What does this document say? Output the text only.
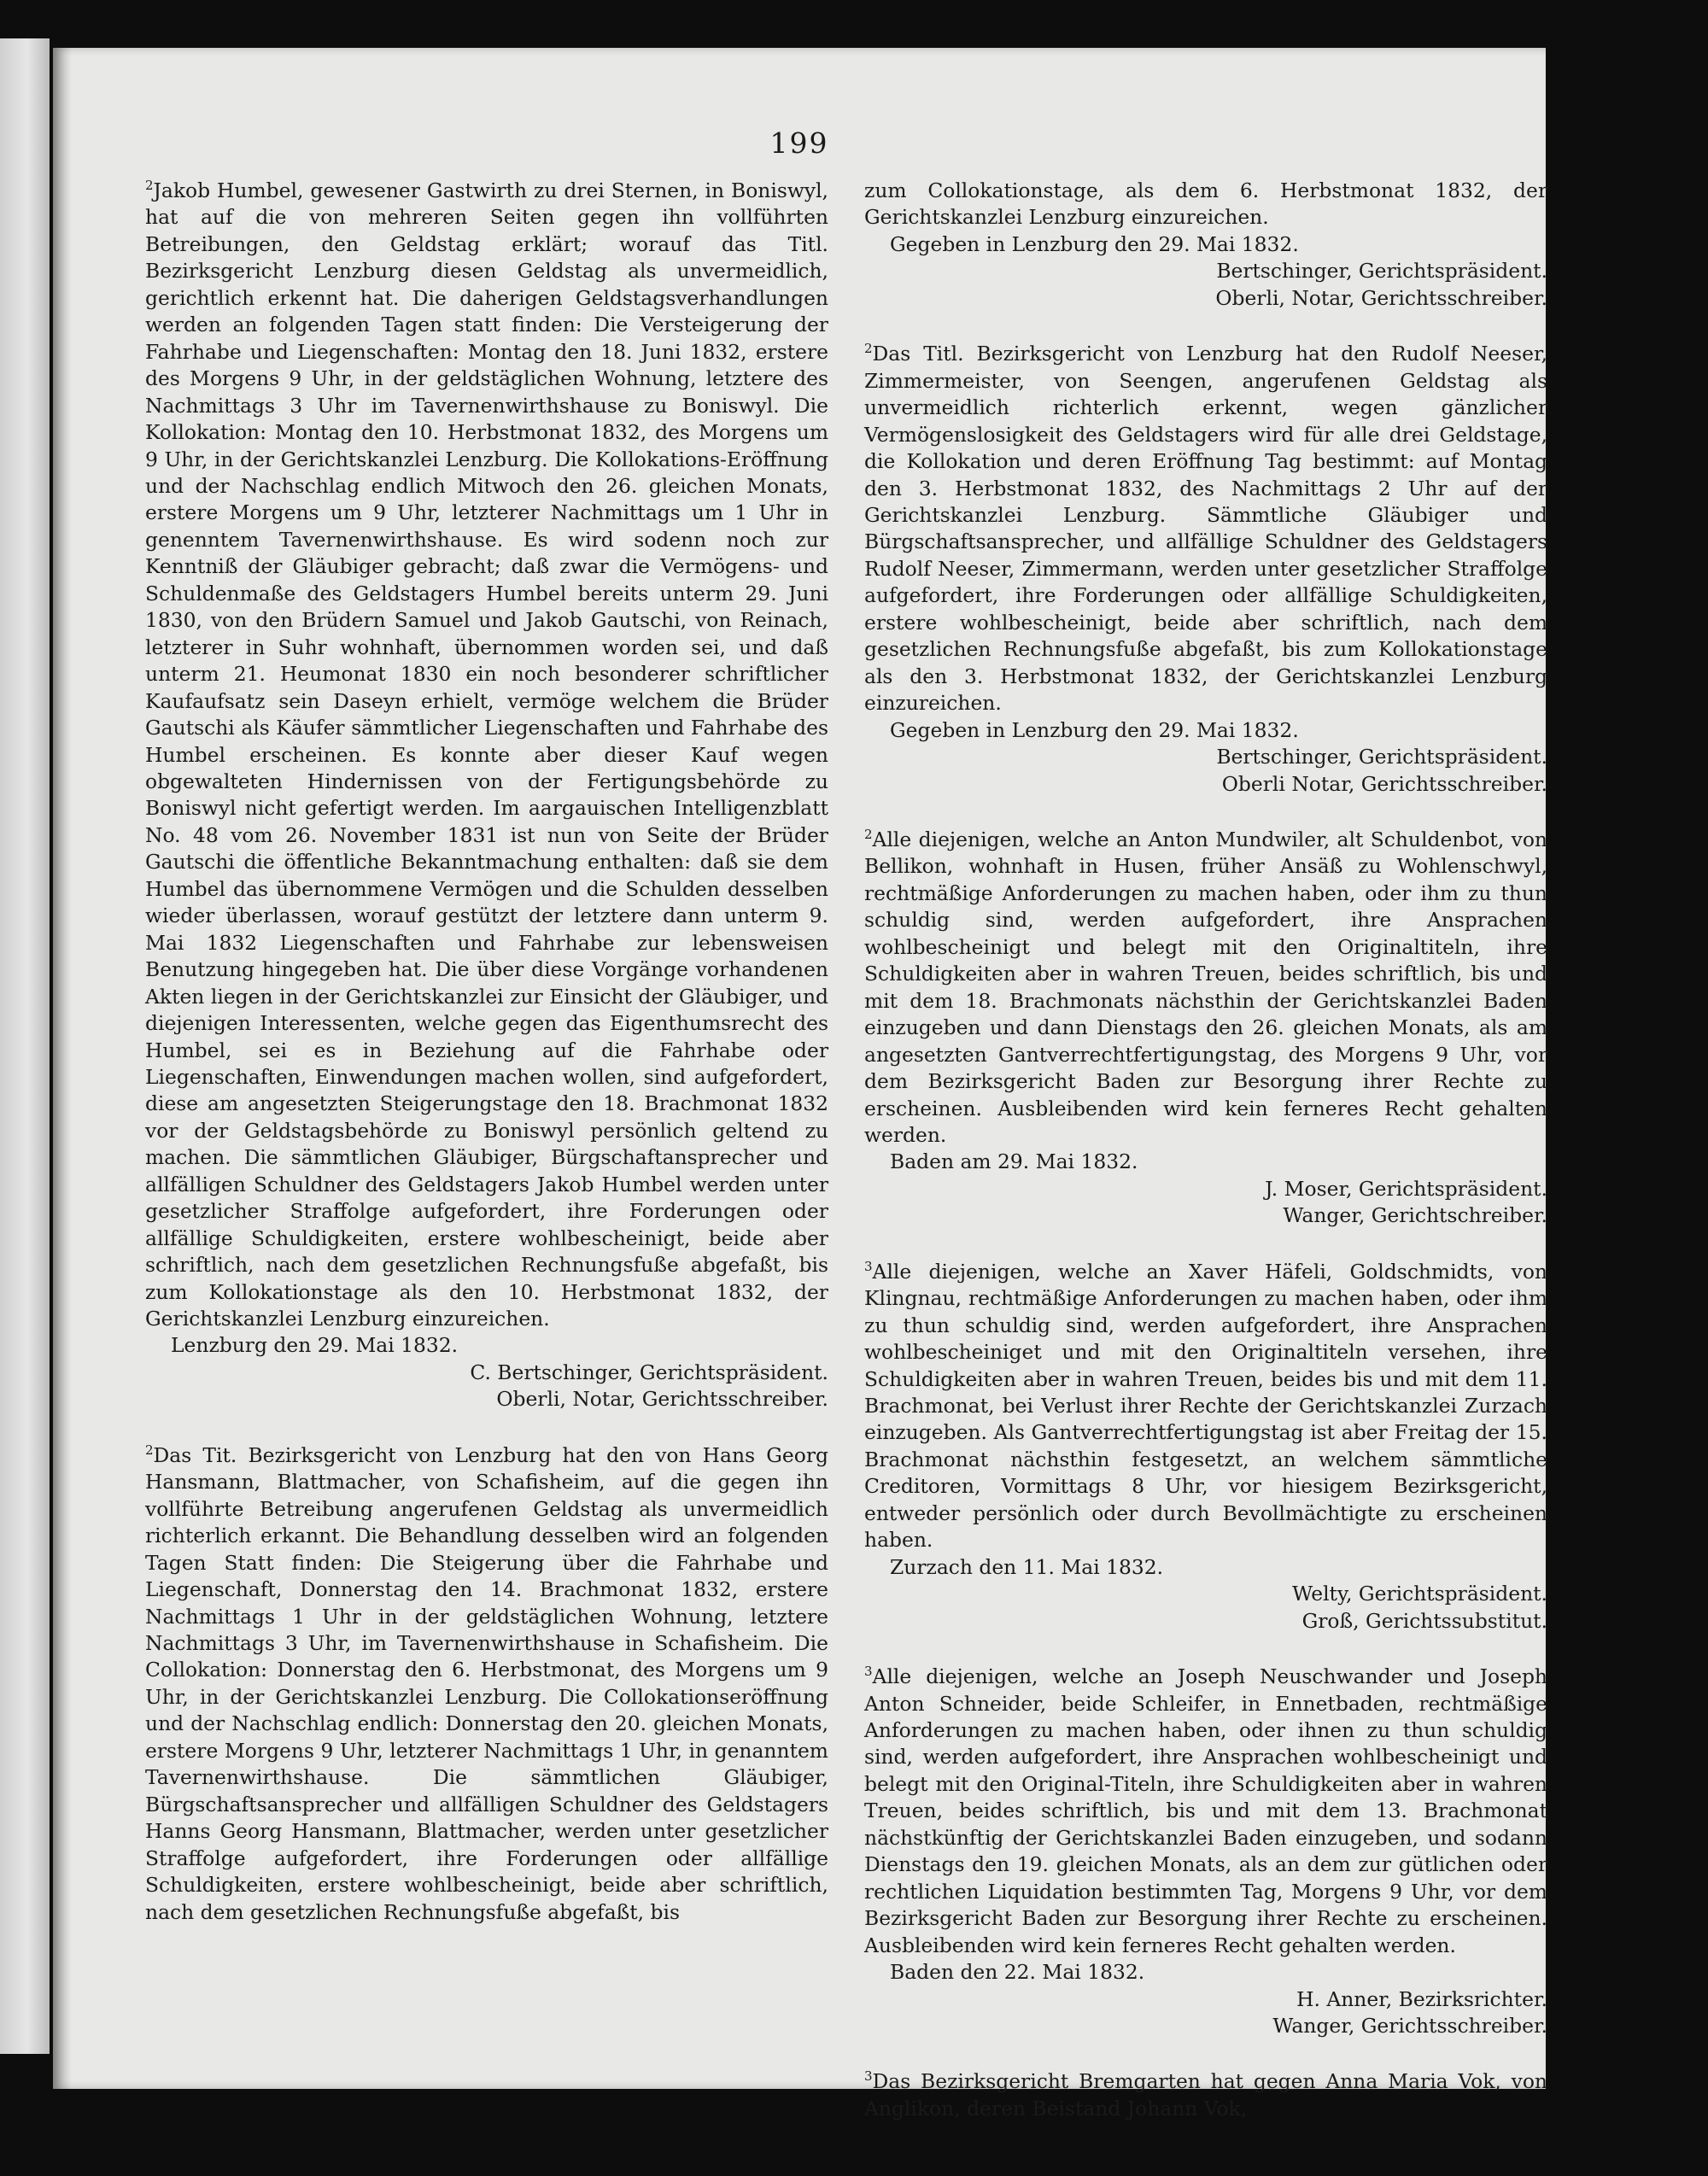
199

$^2$Jakob Humbel, gewesener Gastwirth zu drei Sternen, in Boniswyl, hat auf die von mehreren Seiten gegen ihn vollführten Betreibungen, den Geldstag erklärt; worauf das Titl. Bezirksgericht Lenzburg diesen Geldstag als unvermeidlich, gerichtlich erkennt hat. Die daherigen Geldstagsverhandlungen werden an folgenden Tagen statt finden: Die Versteigerung der Fahrhabe und Liegenschaften: Montag den 18. Juni 1832, erstere des Morgens 9 Uhr, in der geldstäglichen Wohnung, letztere des Nachmittags 3 Uhr im Tavernenwirthshause zu Boniswyl. Die Kollokation: Montag den 10. Herbstmonat 1832, des Morgens um 9 Uhr, in der Gerichtskanzlei Lenzburg. Die Kollokations-Eröffnung und der Nachschlag endlich Mitwoch den 26. gleichen Monats, erstere Morgens um 9 Uhr, letzterer Nachmittags um 1 Uhr in genenntem Tavernenwirthshause. Es wird sodenn noch zur Kenntniß der Gläubiger gebracht; daß zwar die Vermögens- und Schuldenmaße des Geldstagers Humbel bereits unterm 29. Juni 1830, von den Brüdern Samuel und Jakob Gautschi, von Reinach, letzterer in Suhr wohnhaft, übernommen worden sei, und daß unterm 21. Heumonat 1830 ein noch besonderer schriftlicher Kaufaufsatz sein Daseyn erhielt, vermöge welchem die Brüder Gautschi als Käufer sämmtlicher Liegenschaften und Fahrhabe des Humbel erscheinen. Es konnte aber dieser Kauf wegen obgewalteten Hindernissen von der Fertigungsbehörde zu Boniswyl nicht gefertigt werden. Im aargauischen Intelligenzblatt No. 48 vom 26. November 1831 ist nun von Seite der Brüder Gautschi die öffentliche Bekanntmachung enthalten: daß sie dem Humbel das übernommene Vermögen und die Schulden desselben wieder überlassen, worauf gestützt der letztere dann unterm 9. Mai 1832 Liegenschaften und Fahrhabe zur lebensweisen Benutzung hingegeben hat. Die über diese Vorgänge vorhandenen Akten liegen in der Gerichtskanzlei zur Einsicht der Gläubiger, und diejenigen Interessenten, welche gegen das Eigenthumsrecht des Humbel, sei es in Beziehung auf die Fahrhabe oder Liegenschaften, Einwendungen machen wollen, sind aufgefordert, diese am angesetzten Steigerungstage den 18. Brachmonat 1832 vor der Geldstagsbehörde zu Boniswyl persönlich geltend zu machen. Die sämmtlichen Gläubiger, Bürgschaftansprecher und allfälligen Schuldner des Geldstagers Jakob Humbel werden unter gesetzlicher Straffolge aufgefordert, ihre Forderungen oder allfällige Schuldigkeiten, erstere wohlbescheinigt, beide aber schriftlich, nach dem gesetzlichen Rechnungsfuße abgefaßt, bis zum Kollokationstage als den 10. Herbstmonat 1832, der Gerichtskanzlei Lenzburg einzureichen.

Lenzburg den 29. Mai 1832.

C. Bertschinger, Gerichtspräsident.

Oberli, Notar, Gerichtsschreiber.

$^2$Das Tit. Bezirksgericht von Lenzburg hat den von Hans Georg Hansmann, Blattmacher, von Schafisheim, auf die gegen ihn vollführte Betreibung angerufenen Geldstag als unvermeidlich richterlich erkannt. Die Behandlung desselben wird an folgenden Tagen Statt finden: Die Steigerung über die Fahrhabe und Liegenschaft, Donnerstag den 14. Brachmonat 1832, erstere Nachmittags 1 Uhr in der geldstäglichen Wohnung, letztere Nachmittags 3 Uhr, im Tavernenwirthshause in Schafisheim. Die Collokation: Donnerstag den 6. Herbstmonat, des Morgens um 9 Uhr, in der Gerichtskanzlei Lenzburg. Die Collokationseröffnung und der Nachschlag endlich: Donnerstag den 20. gleichen Monats, erstere Morgens 9 Uhr, letzterer Nachmittags 1 Uhr, in genanntem Tavernenwirthshause. Die sämmtlichen Gläubiger, Bürgschaftsansprecher und allfälligen Schuldner des Geldstagers Hanns Georg Hansmann, Blattmacher, werden unter gesetzlicher Straffolge aufgefordert, ihre Forderungen oder allfällige Schuldigkeiten, erstere wohlbescheinigt, beide aber schriftlich, nach dem gesetzlichen Rechnungsfuße abgefaßt, bis

zum Collokationstage, als dem 6. Herbstmonat 1832, der Gerichtskanzlei Lenzburg einzureichen.

Gegeben in Lenzburg den 29. Mai 1832.

Bertschinger, Gerichtspräsident.

Oberli, Notar, Gerichtsschreiber.

$^2$Das Titl. Bezirksgericht von Lenzburg hat den Rudolf Neeser, Zimmermeister, von Seengen, angerufenen Geldstag als unvermeidlich richterlich erkennt, wegen gänzlicher Vermögenslosigkeit des Geldstagers wird für alle drei Geldstage, die Kollokation und deren Eröffnung Tag bestimmt: auf Montag den 3. Herbstmonat 1832, des Nachmittags 2 Uhr auf der Gerichtskanzlei Lenzburg. Sämmtliche Gläubiger und Bürgschaftsansprecher, und allfällige Schuldner des Geldstagers Rudolf Neeser, Zimmermann, werden unter gesetzlicher Straffolge aufgefordert, ihre Forderungen oder allfällige Schuldigkeiten, erstere wohlbescheinigt, beide aber schriftlich, nach dem gesetzlichen Rechnungsfuße abgefaßt, bis zum Kollokationstage als den 3. Herbstmonat 1832, der Gerichtskanzlei Lenzburg einzureichen.

Gegeben in Lenzburg den 29. Mai 1832.

Bertschinger, Gerichtspräsident.

Oberli Notar, Gerichtsschreiber.

$^2$Alle diejenigen, welche an Anton Mundwiler, alt Schuldenbot, von Bellikon, wohnhaft in Husen, früher Ansäß zu Wohlenschwyl, rechtmäßige Anforderungen zu machen haben, oder ihm zu thun schuldig sind, werden aufgefordert, ihre Ansprachen wohlbescheinigt und belegt mit den Originaltiteln, ihre Schuldigkeiten aber in wahren Treuen, beides schriftlich, bis und mit dem 18. Brachmonats nächsthin der Gerichtskanzlei Baden einzugeben und dann Dienstags den 26. gleichen Monats, als am angesetzten Gantverrechtfertigungstag, des Morgens 9 Uhr, vor dem Bezirksgericht Baden zur Besorgung ihrer Rechte zu erscheinen. Ausbleibenden wird kein ferneres Recht gehalten werden.

Baden am 29. Mai 1832.

J. Moser, Gerichtspräsident.

Wanger, Gerichtschreiber.

$^3$Alle diejenigen, welche an Xaver Häfeli, Goldschmidts, von Klingnau, rechtmäßige Anforderungen zu machen haben, oder ihm zu thun schuldig sind, werden aufgefordert, ihre Ansprachen wohlbescheiniget und mit den Originaltiteln versehen, ihre Schuldigkeiten aber in wahren Treuen, beides bis und mit dem 11. Brachmonat, bei Verlust ihrer Rechte der Gerichtskanzlei Zurzach einzugeben. Als Gantverrechtfertigungstag ist aber Freitag der 15. Brachmonat nächsthin festgesetzt, an welchem sämmtliche Creditoren, Vormittags 8 Uhr, vor hiesigem Bezirksgericht, entweder persönlich oder durch Bevollmächtigte zu erscheinen haben.

Zurzach den 11. Mai 1832.

Welty, Gerichtspräsident.

Groß, Gerichtssubstitut.

$^3$Alle diejenigen, welche an Joseph Neuschwander und Joseph Anton Schneider, beide Schleifer, in Ennetbaden, rechtmäßige Anforderungen zu machen haben, oder ihnen zu thun schuldig sind, werden aufgefordert, ihre Ansprachen wohlbescheinigt und belegt mit den Original-Titeln, ihre Schuldigkeiten aber in wahren Treuen, beides schriftlich, bis und mit dem 13. Brachmonat nächstkünftig der Gerichtskanzlei Baden einzugeben, und sodann Dienstags den 19. gleichen Monats, als an dem zur gütlichen oder rechtlichen Liquidation bestimmten Tag, Morgens 9 Uhr, vor dem Bezirksgericht Baden zur Besorgung ihrer Rechte zu erscheinen. Ausbleibenden wird kein ferneres Recht gehalten werden.

Baden den 22. Mai 1832.

H. Anner, Bezirksrichter.

Wanger, Gerichtsschreiber.

$^3$Das Bezirksgericht Bremgarten hat gegen Anna Maria Vok, von Anglikon, deren Beistand Johann Vok,
